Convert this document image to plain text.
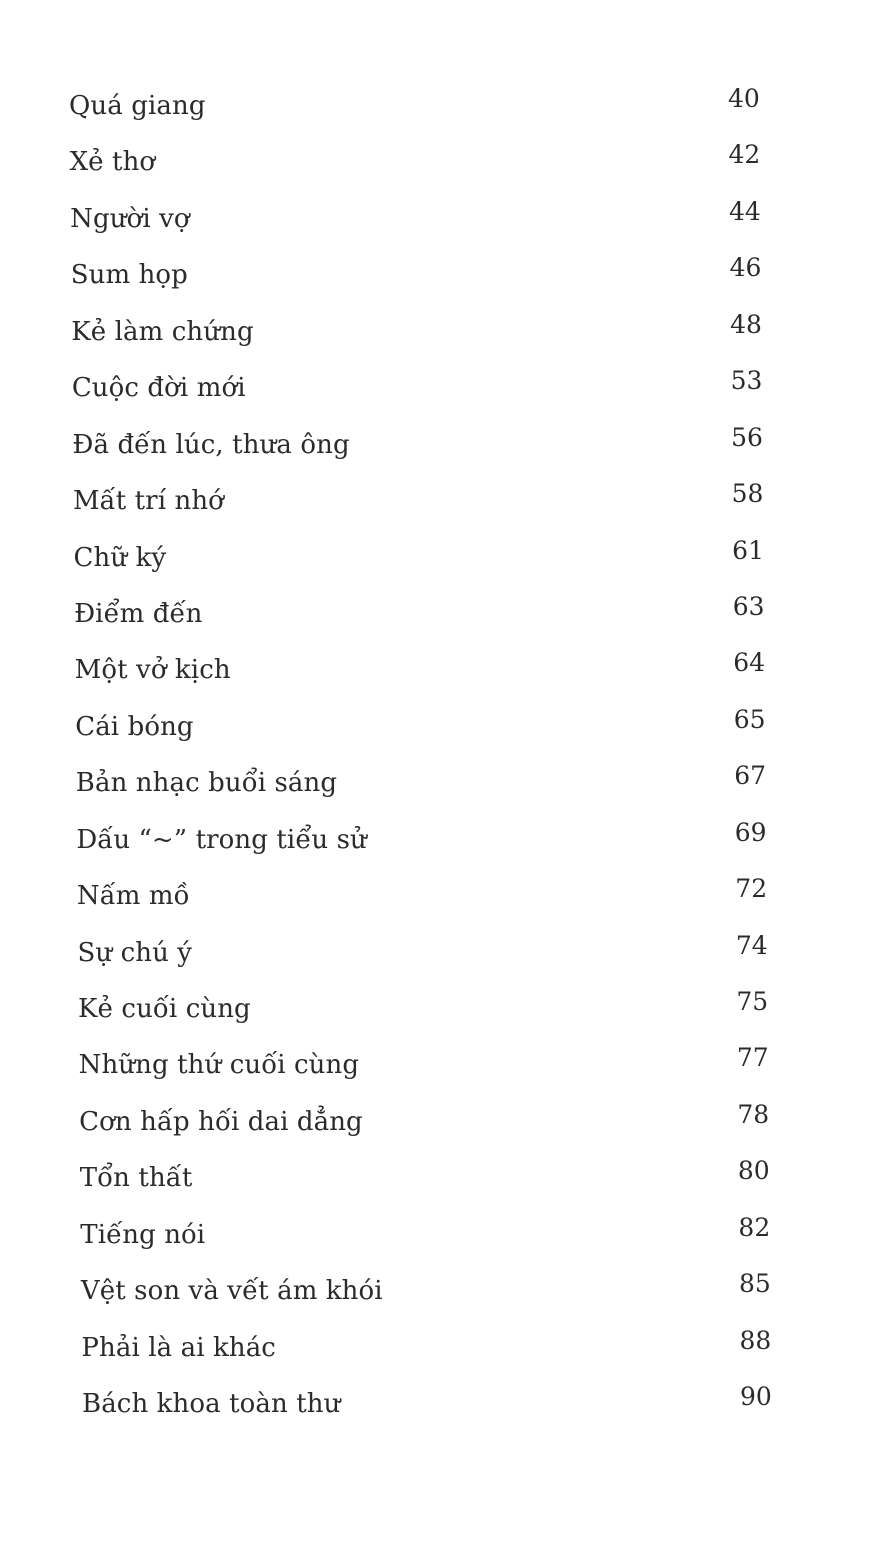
Quá giang	40
Xẻ thơ	42
Người vợ	44
Sum họp	46
Kẻ làm chứng	48
Cuộc đời mới	53
Đã đến lúc, thưa ông	56
Mất trí nhớ	58
Chữ ký	61
Điểm đến	63
Một vở kịch	64
Cái bóng	65
Bản nhạc buổi sáng	67
Dấu “~” trong tiểu sử	69
Nấm mồ	72
Sự chú ý	74
Kẻ cuối cùng	75
Những thứ cuối cùng	77
Cơn hấp hối dai dẳng	78
Tổn thất	80
Tiếng nói	82
Vệt son và vết ám khói	85
Phải là ai khác	88
Bách khoa toàn thư	90
